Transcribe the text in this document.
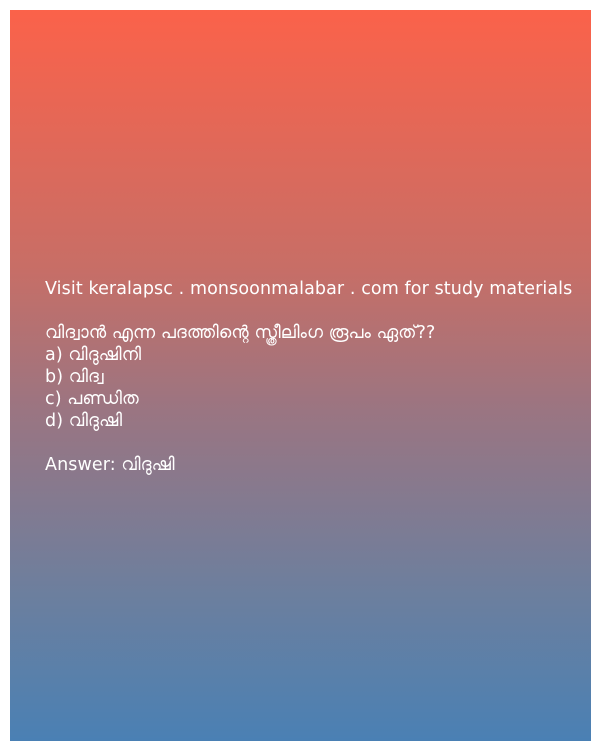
Visit keralapsc . monsoonmalabar . com for study materials
വിദ്വാൻ എന്ന പദത്തിന്റെ സ്ത്രീലിംഗ രൂപം ഏത്??
a) വിദുഷിനി
b) വിദ്വ
c) പണ്ഡിത
d) വിദുഷി
Answer: വിദുഷി
